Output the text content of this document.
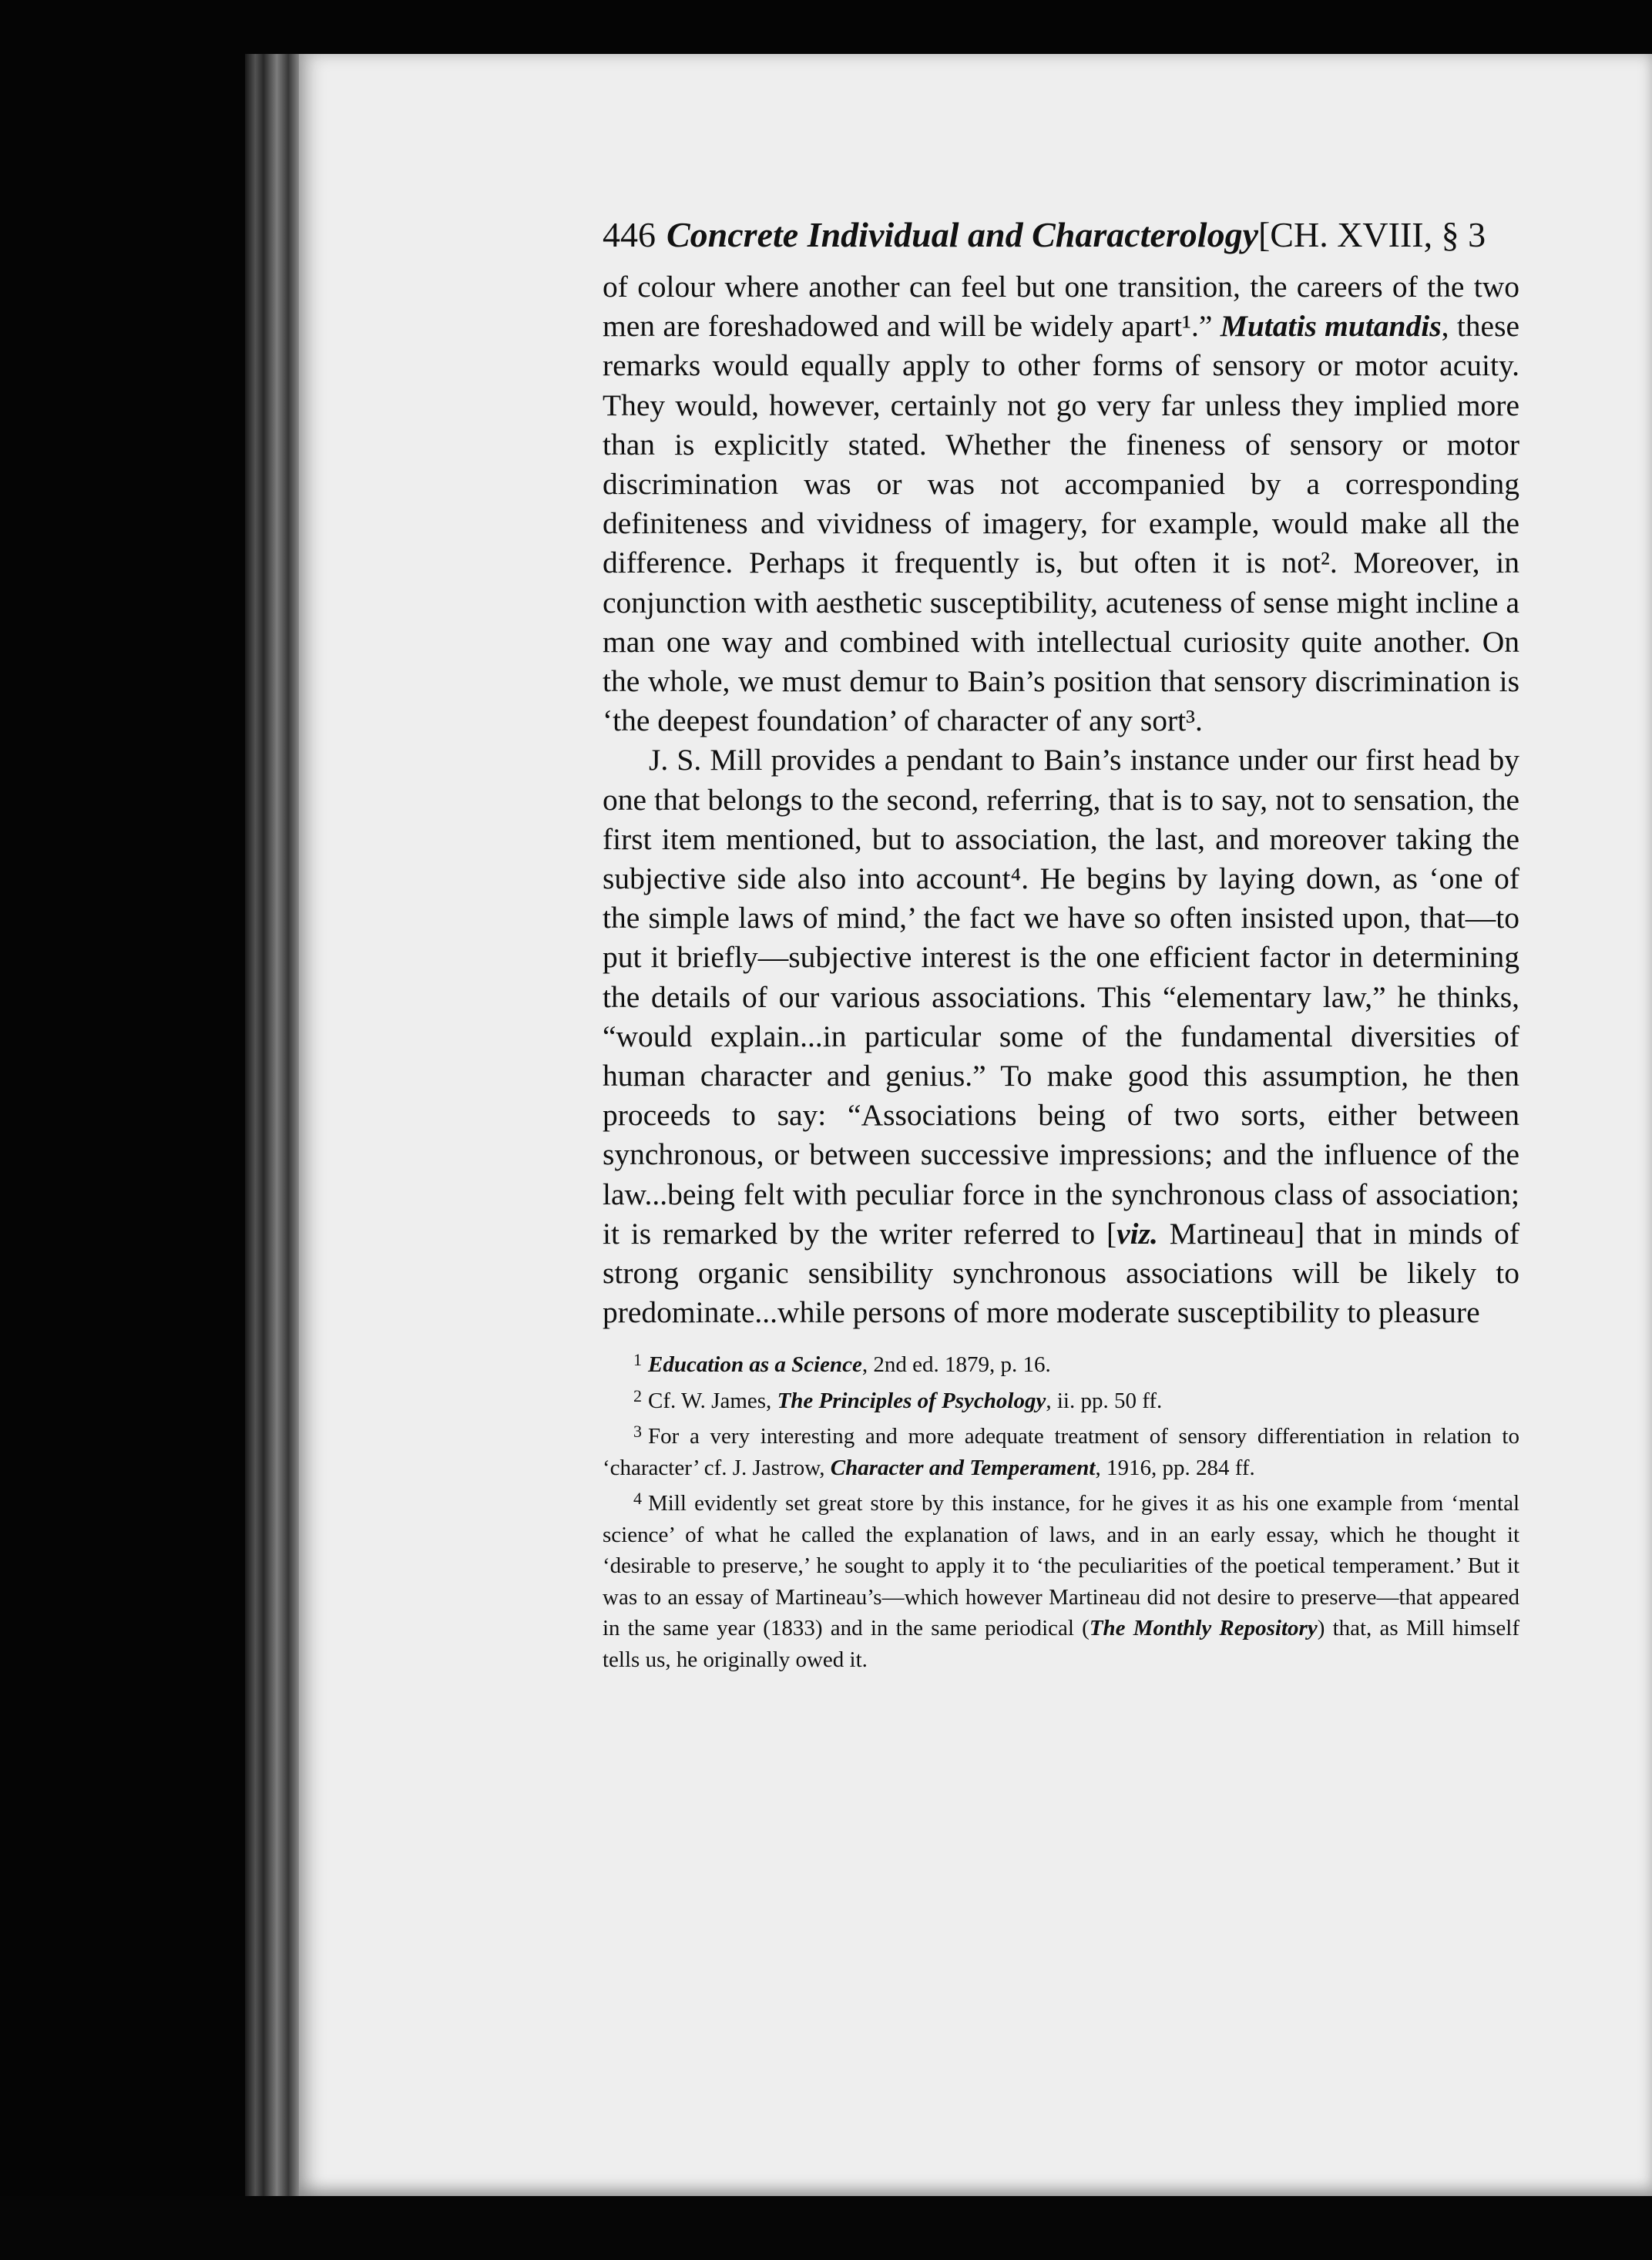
446 Concrete Individual and Characterology[CH. XVIII, § 3

of colour where another can feel but one transition, the careers of the two men are foreshadowed and will be widely apart¹.” Mutatis mutandis, these remarks would equally apply to other forms of sensory or motor acuity. They would, however, certainly not go very far unless they implied more than is explicitly stated. Whether the fineness of sensory or motor discrimination was or was not accompanied by a corresponding definiteness and vividness of imagery, for example, would make all the difference. Perhaps it frequently is, but often it is not². Moreover, in conjunction with aesthetic susceptibility, acuteness of sense might incline a man one way and combined with intellectual curiosity quite another. On the whole, we must demur to Bain’s position that sensory discrimination is ‘the deepest foundation’ of character of any sort³.

J. S. Mill provides a pendant to Bain’s instance under our first head by one that belongs to the second, referring, that is to say, not to sensation, the first item mentioned, but to association, the last, and moreover taking the subjective side also into account⁴. He begins by laying down, as ‘one of the simple laws of mind,’ the fact we have so often insisted upon, that—to put it briefly—subjective interest is the one efficient factor in determining the details of our various associations. This “elementary law,” he thinks, “would explain...in particular some of the fundamental diversities of human character and genius.” To make good this assumption, he then proceeds to say: “Associations being of two sorts, either between synchronous, or between successive impressions; and the influence of the law...being felt with peculiar force in the synchronous class of association; it is remarked by the writer referred to [viz. Martineau] that in minds of strong organic sensibility synchronous associations will be likely to predominate...while persons of more moderate susceptibility to pleasure

$^1$ Education as a Science, 2nd ed. 1879, p. 16.

$^2$ Cf. W. James, The Principles of Psychology, ii. pp. 50 ff.

$^3$ For a very interesting and more adequate treatment of sensory differentiation in relation to ‘character’ cf. J. Jastrow, Character and Temperament, 1916, pp. 284 ff.

$^4$ Mill evidently set great store by this instance, for he gives it as his one example from ‘mental science’ of what he called the explanation of laws, and in an early essay, which he thought it ‘desirable to preserve,’ he sought to apply it to ‘the peculiarities of the poetical temperament.’ But it was to an essay of Martineau’s—which however Martineau did not desire to preserve—that appeared in the same year (1833) and in the same periodical (The Monthly Repository) that, as Mill himself tells us, he originally owed it.
